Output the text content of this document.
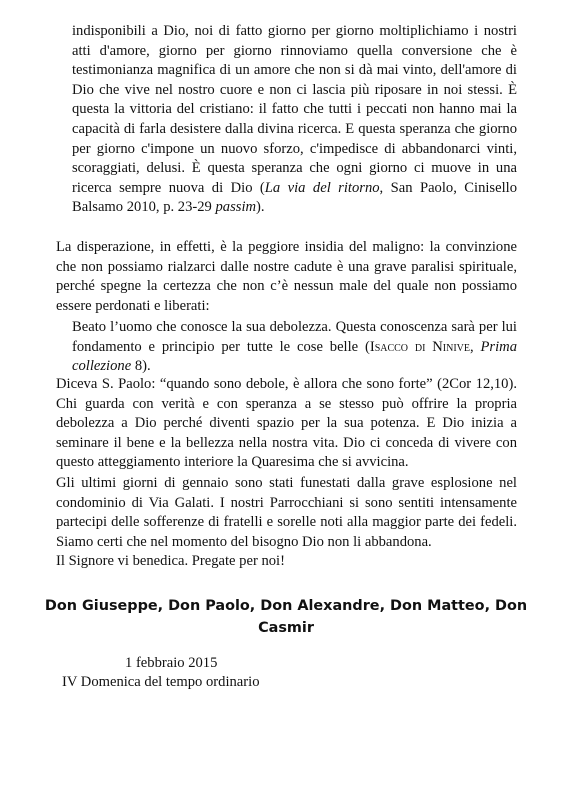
indisponibili a Dio, noi di fatto giorno per giorno moltiplichiamo i nostri atti d'amore, giorno per giorno rinnoviamo quella conversione che è testimonianza magnifica di un amore che non si dà mai vinto, dell'amore di Dio che vive nel nostro cuore e non ci lascia più riposare in noi stessi. È questa la vittoria del cristiano: il fatto che tutti i peccati non hanno mai la capacità di farla desistere dalla divina ricerca. E questa speranza che giorno per giorno c'impone un nuovo sforzo, c'impedisce di abbandonarci vinti, scoraggiati, delusi. È questa speranza che ogni giorno ci muove in una ricerca sempre nuova di Dio (La via del ritorno, San Paolo, Cinisello Balsamo 2010, p. 23-29 passim).

La disperazione, in effetti, è la peggiore insidia del maligno: la convinzione che non possiamo rialzarci dalle nostre cadute è una grave paralisi spirituale, perché spegne la certezza che non c’è nessun male del quale non possiamo essere perdonati e liberati:

Beato l’uomo che conosce la sua debolezza. Questa conoscenza sarà per lui fondamento e principio per tutte le cose belle (Isacco di Ninive, Prima collezione 8).

Diceva S. Paolo: “quando sono debole, è allora che sono forte” (2Cor 12,10). Chi guarda con verità e con speranza a se stesso può offrire la propria debolezza a Dio perché diventi spazio per la sua potenza. E Dio inizia a seminare il bene e la bellezza nella nostra vita. Dio ci conceda di vivere con questo atteggiamento interiore la Quaresima che si avvicina.

Gli ultimi giorni di gennaio sono stati funestati dalla grave esplosione nel condominio di Via Galati. I nostri Parrocchiani si sono sentiti intensamente partecipi delle sofferenze di fratelli e sorelle noti alla maggior parte dei fedeli. Siamo certi che nel momento del bisogno Dio non li abbandona.

Il Signore vi benedica. Pregate per noi!

Don Giuseppe, Don Paolo, Don Alexandre, Don Matteo, Don Casmir

1 febbraio 2015

IV Domenica del tempo ordinario
